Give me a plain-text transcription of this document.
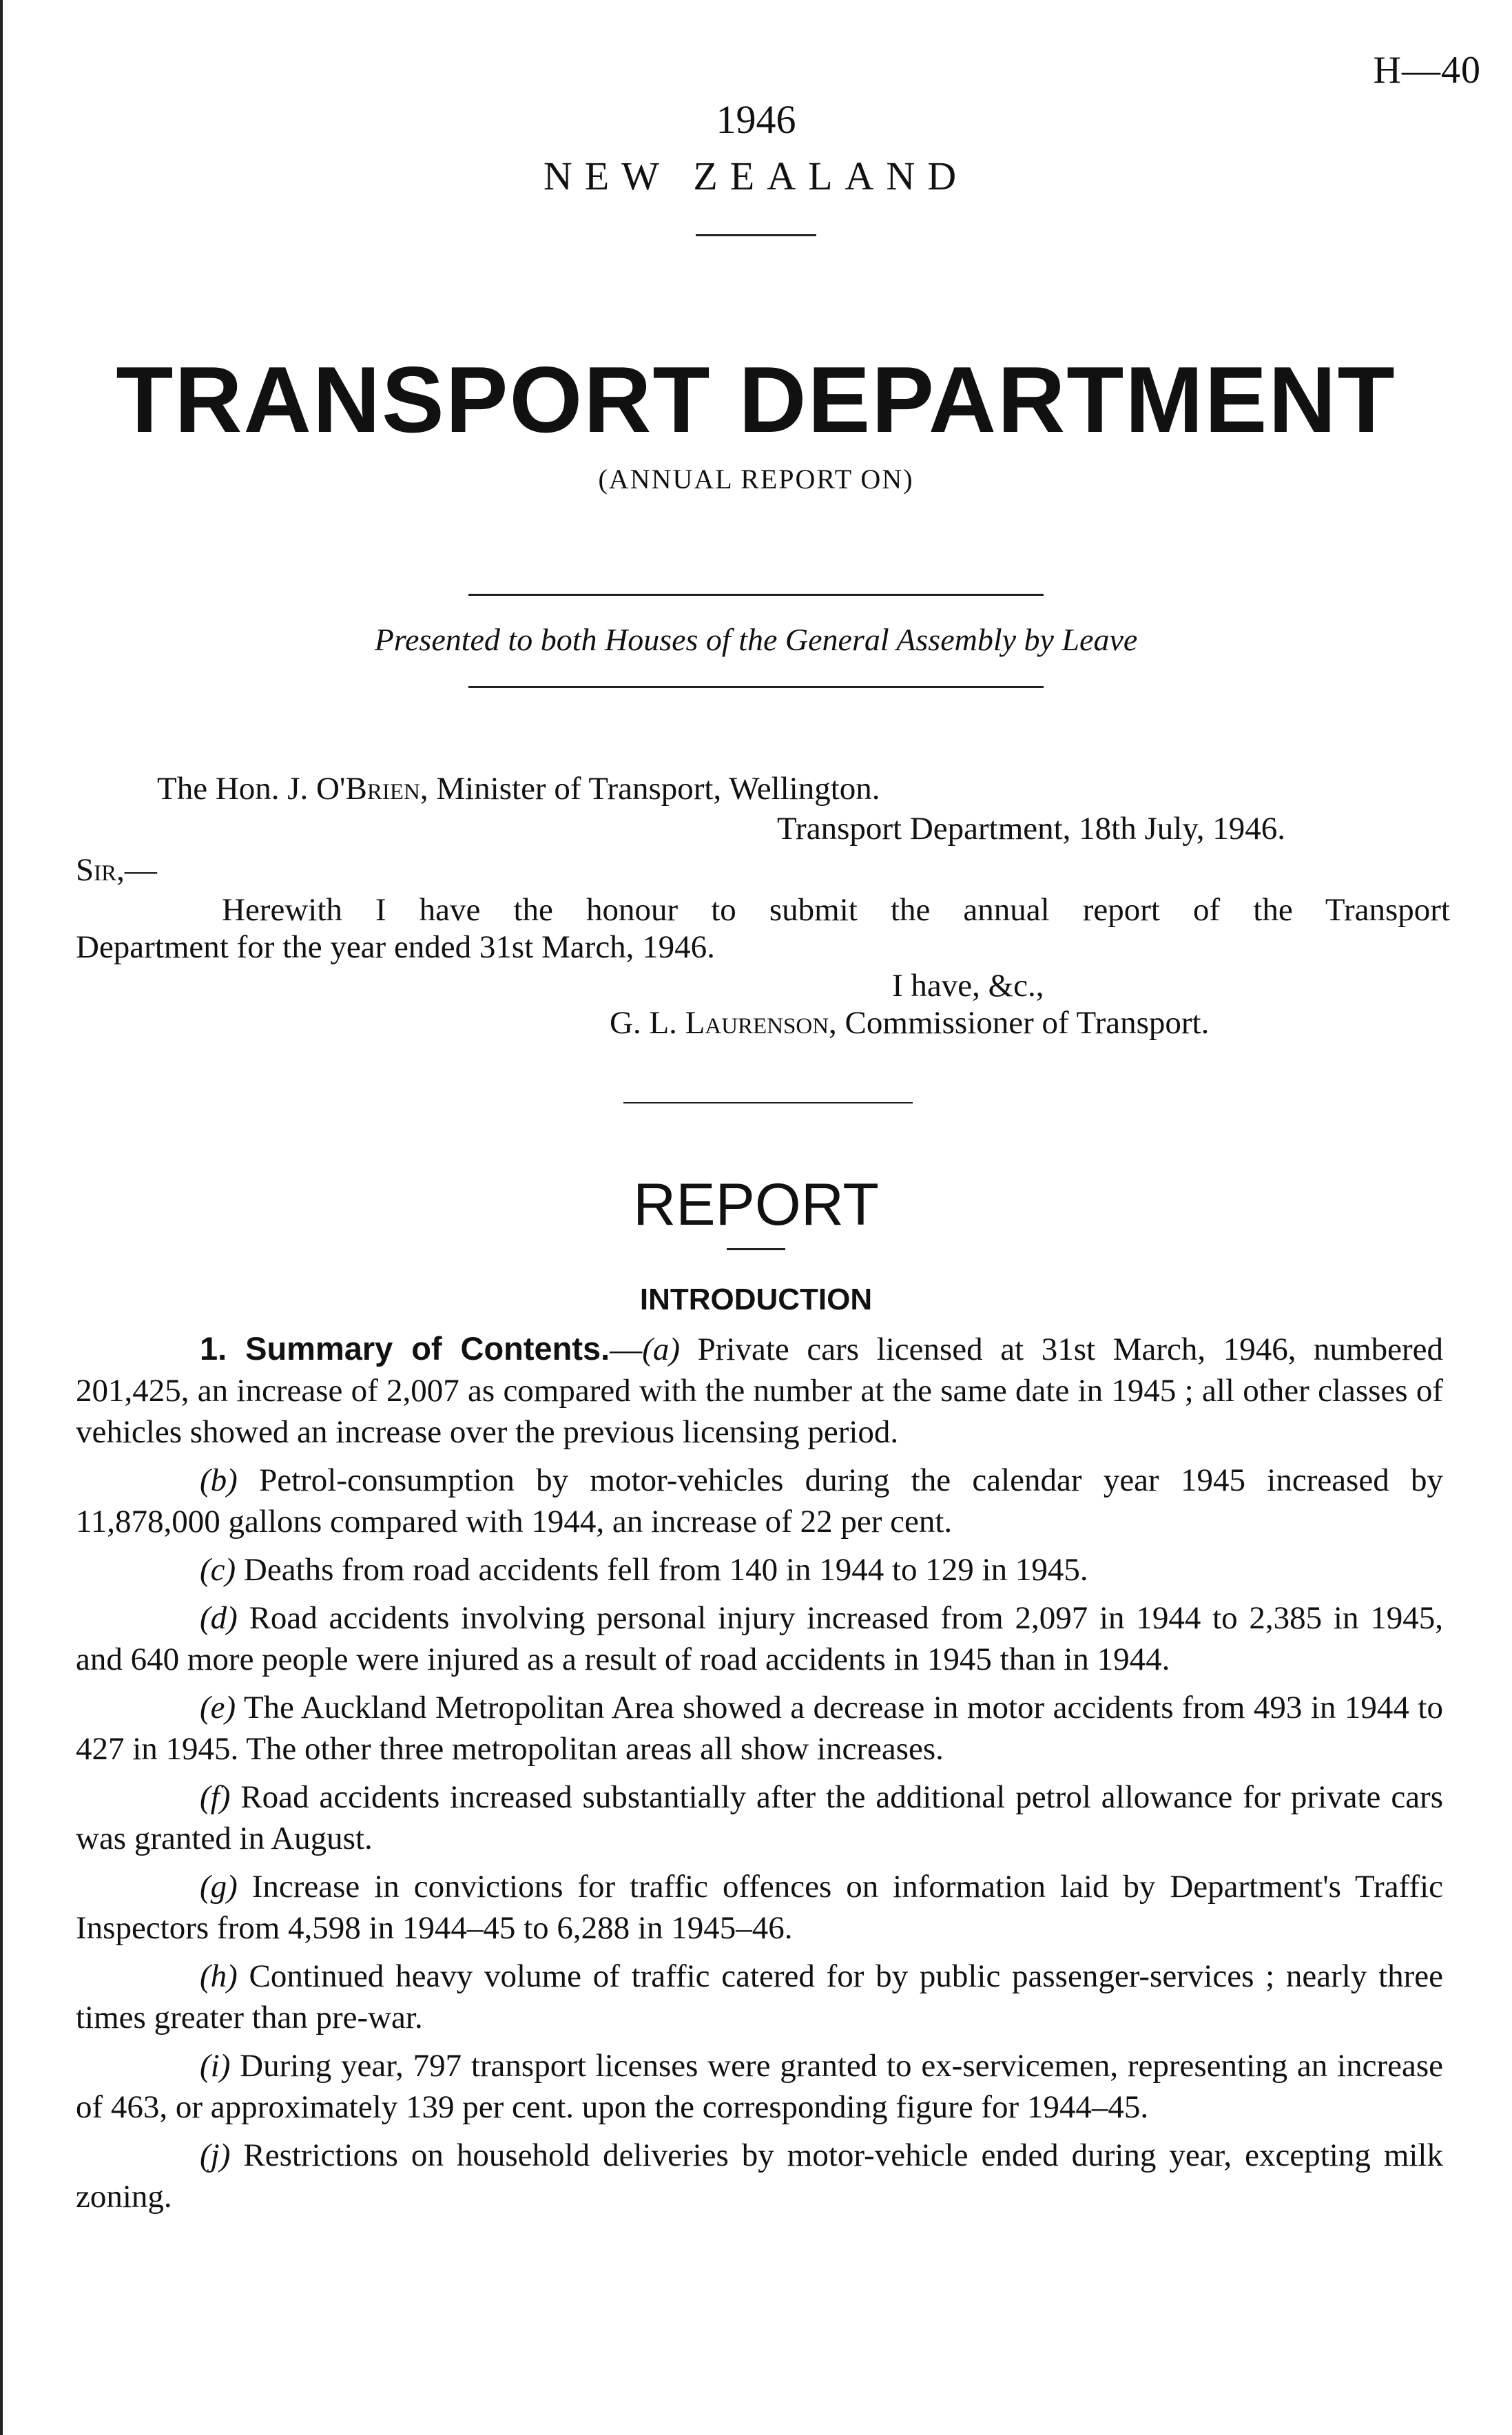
H—40
1946
NEW ZEALAND
TRANSPORT DEPARTMENT
(ANNUAL REPORT ON)
Presented to both Houses of the General Assembly by Leave
The Hon. J. O'Brien, Minister of Transport, Wellington.
Transport Department, 18th July, 1946.
Sir,—
Herewith I have the honour to submit the annual report of the Transport
Department for the year ended 31st March, 1946.
I have, &c.,
G. L. Laurenson, Commissioner of Transport.
REPORT
INTRODUCTION

1. Summary of Contents.—(a) Private cars licensed at 31st March, 1946, numbered 201,425, an increase of 2,007 as compared with the number at the same date in 1945 ; all other classes of vehicles showed an increase over the previous licensing period.

(b) Petrol-consumption by motor-vehicles during the calendar year 1945 increased by 11,878,000 gallons compared with 1944, an increase of 22 per cent.

(c) Deaths from road accidents fell from 140 in 1944 to 129 in 1945.

(d) Road accidents involving personal injury increased from 2,097 in 1944 to 2,385 in 1945, and 640 more people were injured as a result of road accidents in 1945 than in 1944.

(e) The Auckland Metropolitan Area showed a decrease in motor accidents from 493 in 1944 to 427 in 1945. The other three metropolitan areas all show increases.

(f) Road accidents increased substantially after the additional petrol allowance for private cars was granted in August.

(g) Increase in convictions for traffic offences on information laid by Department's Traffic Inspectors from 4,598 in 1944–45 to 6,288 in 1945–46.

(h) Continued heavy volume of traffic catered for by public passenger-services ; nearly three times greater than pre-war.

(i) During year, 797 transport licenses were granted to ex-servicemen, representing an increase of 463, or approximately 139 per cent. upon the corresponding figure for 1944–45.

(j) Restrictions on household deliveries by motor-vehicle ended during year, excepting milk zoning.
